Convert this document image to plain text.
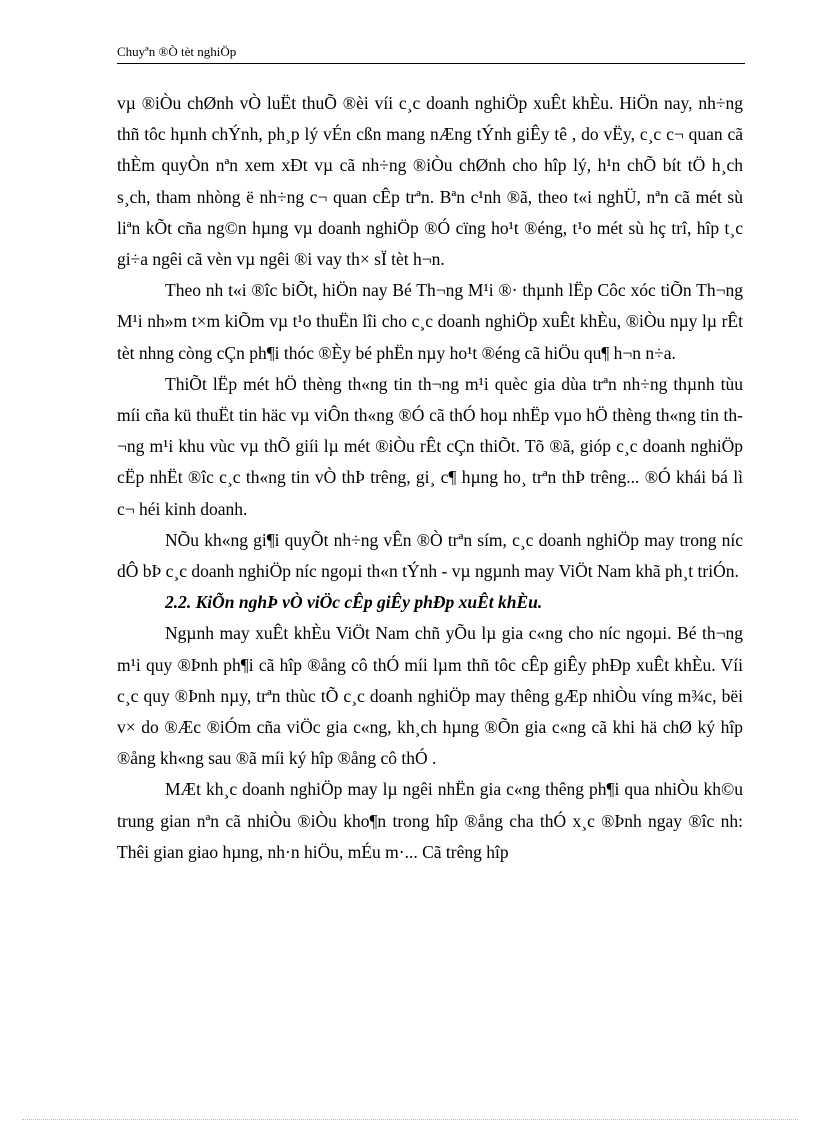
Chuyªn ®Ò tèt nghiÖp

vµ ®iÒu chØnh vÒ luËt thuÕ ®èi víi c¸c doanh nghiÖp xuÊt khÈu. HiÖn nay, nh÷ng thñ tôc hµnh chÝnh, ph¸p lý vÉn cßn mang nÆng tÝnh giÊy tê , do vËy, c¸c c¬ quan cã thÈm quyÒn nªn xem xÐt vµ cã nh÷ng ®iÒu chØnh cho hîp lý, h¹n chÕ bít tÖ h¸ch s¸ch, tham nhòng ë nh÷ng c¬ quan cÊp trªn. Bªn c¹nh ®ã, theo t«i nghÜ, nªn cã mét sù liªn kÕt cña ng©n hµng vµ doanh nghiÖp ®Ó cïng ho¹t ®éng, t¹o mét sù hç trî, hîp t¸c gi÷a ngêi cã vèn vµ ngêi ®i vay th× sÏ tèt h¬n.

Theo nh t«i ®îc biÕt, hiÖn nay Bé Th¬ng M¹i ®· thµnh lËp Côc xóc tiÕn Th¬ng M¹i nh»m t×m kiÕm vµ t¹o thuËn lîi cho c¸c doanh nghiÖp xuÊt khÈu, ®iÒu nµy lµ rÊt tèt nhng còng cÇn ph¶i thóc ®Èy bé phËn nµy ho¹t ®éng cã hiÖu qu¶ h¬n n÷a.

ThiÕt lËp mét hÖ thèng th«ng tin th¬ng m¹i quèc gia dùa trªn nh÷ng thµnh tùu míi cña kü thuËt tin häc vµ viÔn th«ng ®Ó cã thÓ hoµ nhËp vµo hÖ thèng th«ng tin th¬ng m¹i khu vùc vµ thÕ giíi lµ mét ®iÒu rÊt cÇn thiÕt. Tõ ®ã, gióp c¸c doanh nghiÖp cËp nhËt ®îc c¸c th«ng tin vÒ thÞ trêng, gi¸ c¶ hµng ho¸ trªn thÞ trêng... ®Ó khái bá lì c¬ héi kinh doanh.

NÕu kh«ng gi¶i quyÕt nh÷ng vÊn ®Ò trªn sím, c¸c doanh nghiÖp may trong níc dÔ bÞ c¸c doanh nghiÖp níc ngoµi th«n tÝnh - vµ ngµnh may ViÖt Nam khã ph¸t triÓn.

2.2. KiÕn nghÞ vÒ viÖc cÊp giÊy phÐp xuÊt khÈu.

Ngµnh may xuÊt khÈu ViÖt Nam chñ yÕu lµ gia c«ng cho níc ngoµi. Bé th¬ng m¹i quy ®Þnh ph¶i cã hîp ®ång cô thÓ míi lµm thñ tôc cÊp giÊy phÐp xuÊt khÈu. Víi c¸c quy ®Þnh nµy, trªn thùc tÕ c¸c doanh nghiÖp may thêng gÆp nhiÒu víng m¾c, bëi v× do ®Æc ®iÓm cña viÖc gia c«ng, kh¸ch hµng ®Õn gia c«ng cã khi hä chØ ký hîp ®ång kh«ng sau ®ã míi ký hîp ®ång cô thÓ .

MÆt kh¸c doanh nghiÖp may lµ ngêi nhËn gia c«ng thêng ph¶i qua nhiÒu kh©u trung gian nªn cã nhiÒu ®iÒu kho¶n trong hîp ®ång cha thÓ x¸c ®Þnh ngay ®îc nh: Thêi gian giao hµng, nh·n hiÖu, mÉu m·... Cã trêng hîp
